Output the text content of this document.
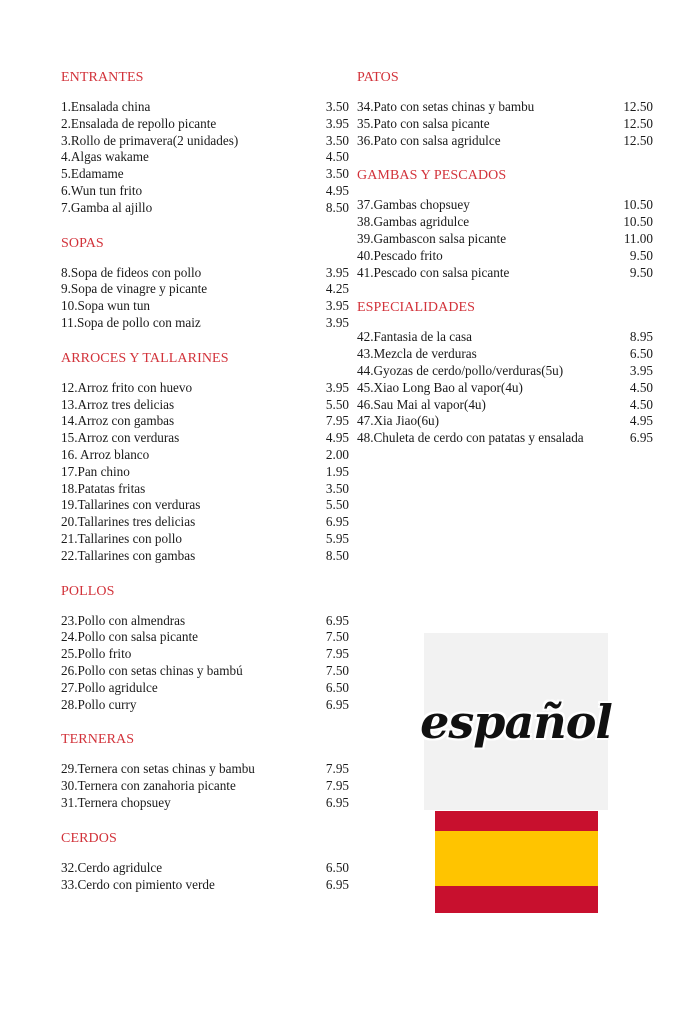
ENTRANTES
1.Ensalada china	3.50
2.Ensalada de repollo picante	3.95
3.Rollo de primavera(2 unidades)	3.50
4.Algas wakame	4.50
5.Edamame	3.50
6.Wun tun frito	4.95
7.Gamba al ajillo	8.50
SOPAS
8.Sopa de fideos con pollo	3.95
9.Sopa de vinagre y picante	4.25
10.Sopa wun tun	3.95
11.Sopa de pollo con maiz	3.95
ARROCES Y TALLARINES
12.Arroz frito con huevo	3.95
13.Arroz tres delicias	5.50
14.Arroz con gambas	7.95
15.Arroz con verduras	4.95
16. Arroz blanco	2.00
17.Pan chino	1.95
18.Patatas fritas	3.50
19.Tallarines con verduras	5.50
20.Tallarines tres delicias	6.95
21.Tallarines con pollo	5.95
22.Tallarines con gambas	8.50
POLLOS
23.Pollo con almendras	6.95
24.Pollo con salsa picante	7.50
25.Pollo frito	7.95
26.Pollo con setas chinas y bambú	7.50
27.Pollo agridulce	6.50
28.Pollo curry	6.95
TERNERAS
29.Ternera con setas chinas y bambu	7.95
30.Ternera con zanahoria picante	7.95
31.Ternera chopsuey	6.95
CERDOS
32.Cerdo agridulce	6.50
33.Cerdo con pimiento verde	6.95
PATOS
34.Pato con setas chinas y bambu	12.50
35.Pato con salsa picante	12.50
36.Pato con salsa agridulce	12.50
GAMBAS Y PESCADOS
37.Gambas chopsuey	10.50
38.Gambas agridulce	10.50
39.Gambascon salsa picante	11.00
40.Pescado frito	9.50
41.Pescado con salsa picante	9.50
ESPECIALIDADES
42.Fantasia de la casa	8.95
43.Mezcla de verduras	6.50
44.Gyozas de cerdo/pollo/verduras(5u)	3.95
45.Xiao Long Bao al vapor(4u)	4.50
46.Sau Mai al vapor(4u)	4.50
47.Xia Jiao(6u)	4.95
48.Chuleta de cerdo con patatas y ensalada	6.95
español
